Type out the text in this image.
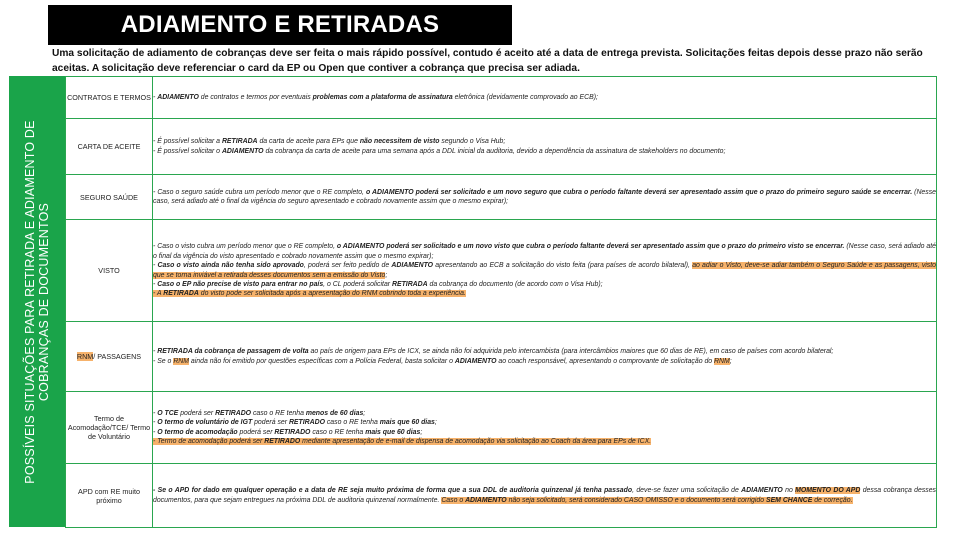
ADIAMENTO E RETIRADAS
Uma solicitação de adiamento de cobranças deve ser feita o mais rápido possível, contudo é aceito até a data de entrega prevista. Solicitações feitas depois desse prazo não serão aceitas. A solicitação deve referenciar o card da EP ou Open que contiver a cobrança que precisa ser adiada.
POSSÍVEIS SITUAÇÕES PARA RETIRADA E ADIAMENTO DE COBRANÇAS DE DOCUMENTOS
CONTRATOS E TERMOS	- ADIAMENTO de contratos e termos por eventuais problemas com a plataforma de assinatura eletrônica (devidamente comprovado ao ECB);

CARTA DE ACEITE	- É possível solicitar a RETIRADA da carta de aceite para EPs que não necessitem de visto segundo o Visa Hub;

- É possível solicitar o ADIAMENTO da cobrança da carta de aceite para uma semana após a DDL inicial da auditoria, devido a dependência da assinatura de stakeholders no documento;

SEGURO SAÚDE	- Caso o seguro saúde cubra um período menor que o RE completo, o ADIAMENTO poderá ser solicitado e um novo seguro que cubra o período faltante deverá ser apresentado assim que o prazo do primeiro seguro saúde se encerrar. (Nesse caso, será adiado até o final da vigência do seguro apresentado e cobrado novamente assim que o mesmo expirar);

VISTO	- Caso o visto cubra um período menor que o RE completo, o ADIAMENTO poderá ser solicitado e um novo visto que cubra o período faltante deverá ser apresentado assim que o prazo do primeiro visto se encerrar. (Nesse caso, será adiado até o final da vigência do visto apresentado e cobrado novamente assim que o mesmo expirar);

- Caso o visto ainda não tenha sido aprovado, poderá ser feito pedido de ADIAMENTO apresentando ao ECB a solicitação do visto feita (para países de acordo bilateral), ao adiar o Visto, deve-se adiar também o Seguro Saúde e as passagens, visto que se torna inviável a retirada desses documentos sem a emissão do Visto;

- Caso o EP não precise de visto para entrar no país, o CL poderá solicitar RETIRADA da cobrança do documento (de acordo com o Visa Hub);

- A RETIRADA do visto pode ser solicitada após a apresentação do RNM cobrindo toda a experiência.

RNM/ PASSAGENS	- RETIRADA da cobrança de passagem de volta ao país de origem para EPs de ICX, se ainda não foi adquirida pelo intercambista (para intercâmbios maiores que 60 dias de RE), em caso de países com acordo bilateral;

- Se o RNM ainda não foi emitido por questões específicas com a Polícia Federal, basta solicitar o ADIAMENTO ao coach responsável, apresentando o comprovante de solicitação do RNM;

Termo de Acomodação/TCE/ Termo de Voluntário	- O TCE poderá ser RETIRADO caso o RE tenha menos de 60 dias;

- O termo de voluntário de IGT poderá ser RETIRADO caso o RE tenha mais que 60 dias;

- O termo de acomodação poderá ser RETIRADO caso o RE tenha mais que 60 dias;

- Termo de acomodação poderá ser RETIRADO mediante apresentação de e-mail de dispensa de acomodação via solicitação ao Coach da área para EPs de ICX.

APD com RE muito próximo	- Se o APD for dado em qualquer operação e a data de RE seja muito próxima de forma que a sua DDL de auditoria quinzenal já tenha passado, deve-se fazer uma solicitação de ADIAMENTO no MOMENTO DO APD dessa cobrança desses documentos, para que sejam entregues na próxima DDL de auditoria quinzenal normalmente. Caso o ADIAMENTO não seja solicitado, será considerado CASO OMISSO e o documento será corrigido SEM CHANCE de correção.
